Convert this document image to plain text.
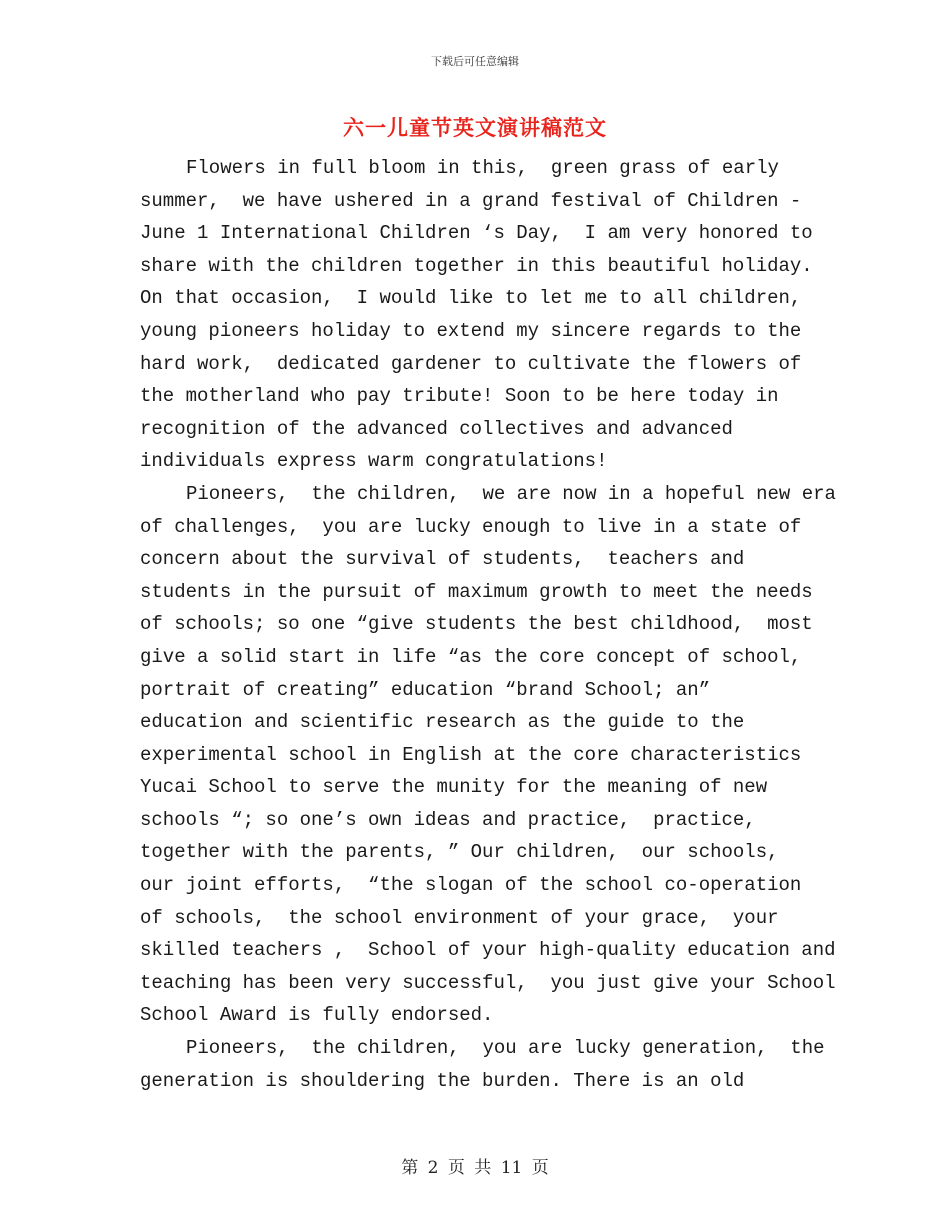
下载后可任意编辑
六一儿童节英文演讲稿范文
Flowers in full bloom in this,  green grass of early
summer,  we have ushered in a grand festival of Children -
June 1 International Children ‘s Day,  I am very honored to
share with the children together in this beautiful holiday.
On that occasion,  I would like to let me to all children,
young pioneers holiday to extend my sincere regards to the
hard work,  dedicated gardener to cultivate the flowers of
the motherland who pay tribute! Soon to be here today in
recognition of the advanced collectives and advanced
individuals express warm congratulations!
Pioneers,  the children,  we are now in a hopeful new era
of challenges,  you are lucky enough to live in a state of
concern about the survival of students,  teachers and
students in the pursuit of maximum growth to meet the needs
of schools; so one “give students the best childhood,  most
give a solid start in life “as the core concept of school,
portrait of creating” education “brand School; an”
education and scientific research as the guide to the
experimental school in English at the core characteristics
Yucai School to serve the munity for the meaning of new
schools “; so one’s own ideas and practice,  practice,
together with the parents, ” Our children,  our schools,
our joint efforts,  “the slogan of the school co-operation
of schools,  the school environment of your grace,  your
skilled teachers ,  School of your high-quality education and
teaching has been very successful,  you just give your School
School Award is fully endorsed.
Pioneers,  the children,  you are lucky generation,  the
generation is shouldering the burden. There is an old
第 2 页 共 11 页
